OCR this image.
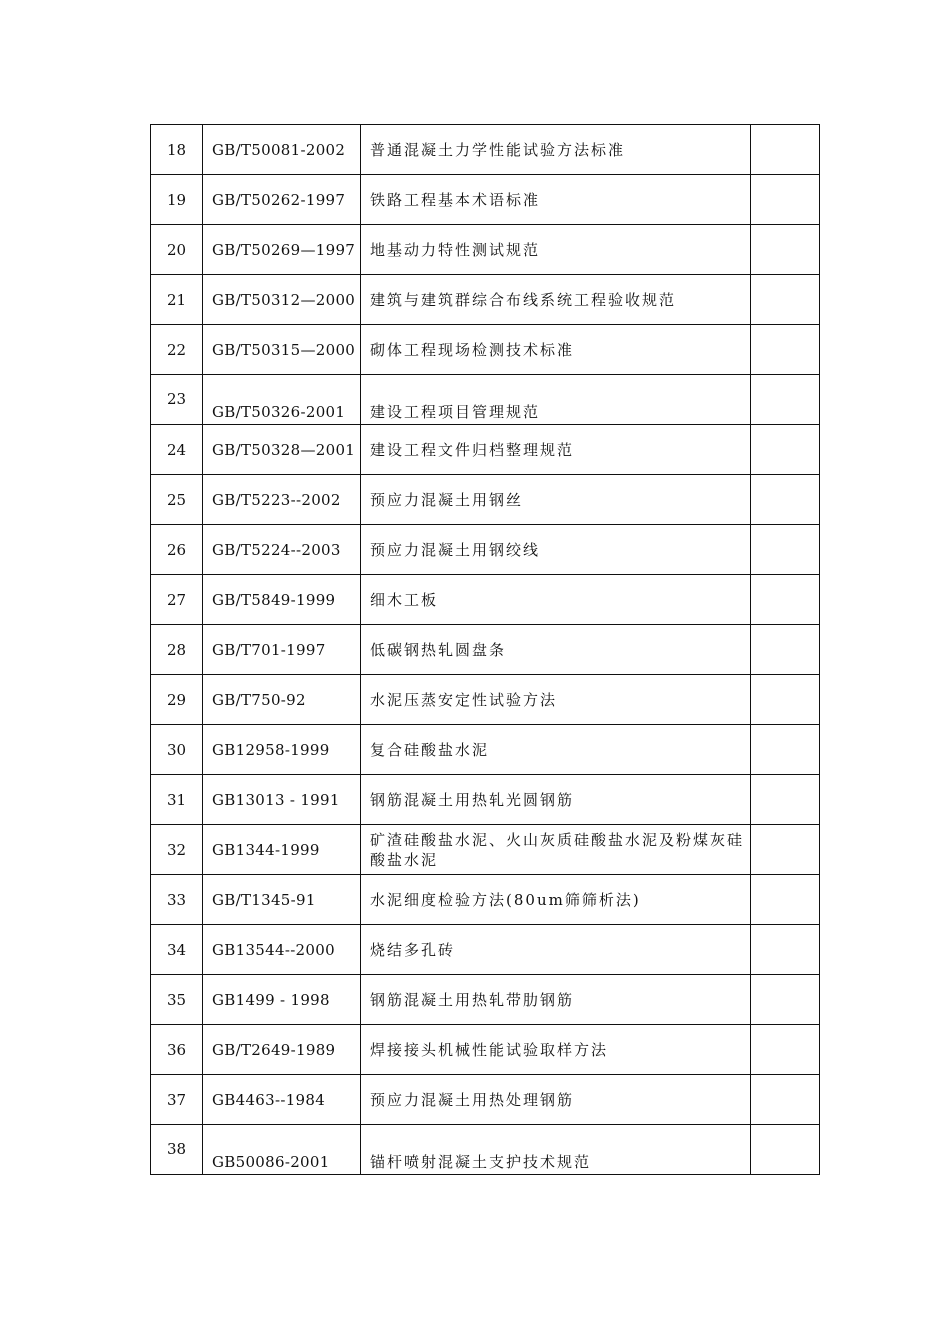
18	GB/T50081-2002	普通混凝土力学性能试验方法标准	
19	GB/T50262-1997	铁路工程基本术语标准	
20	GB/T50269—1997	地基动力特性测试规范	
21	GB/T50312—2000	建筑与建筑群综合布线系统工程验收规范	
22	GB/T50315—2000	砌体工程现场检测技术标准	
23	GB/T50326-2001	建设工程项目管理规范	
24	GB/T50328—2001	建设工程文件归档整理规范	
25	GB/T5223--2002	预应力混凝土用钢丝	
26	GB/T5224--2003	预应力混凝土用钢绞线	
27	GB/T5849-1999	细木工板	
28	GB/T701-1997	低碳钢热轧圆盘条	
29	GB/T750-92	水泥压蒸安定性试验方法	
30	GB12958-1999	复合硅酸盐水泥	
31	GB13013 - 1991	钢筋混凝土用热轧光圆钢筋	
32	GB1344-1999	矿渣硅酸盐水泥、火山灰质硅酸盐水泥及粉煤灰硅酸盐水泥	
33	GB/T1345-91	水泥细度检验方法(80um筛筛析法)	
34	GB13544--2000	烧结多孔砖	
35	GB1499 - 1998	钢筋混凝土用热轧带肋钢筋	
36	GB/T2649-1989	焊接接头机械性能试验取样方法	
37	GB4463--1984	预应力混凝土用热处理钢筋	
38	GB50086-2001	锚杆喷射混凝土支护技术规范	
